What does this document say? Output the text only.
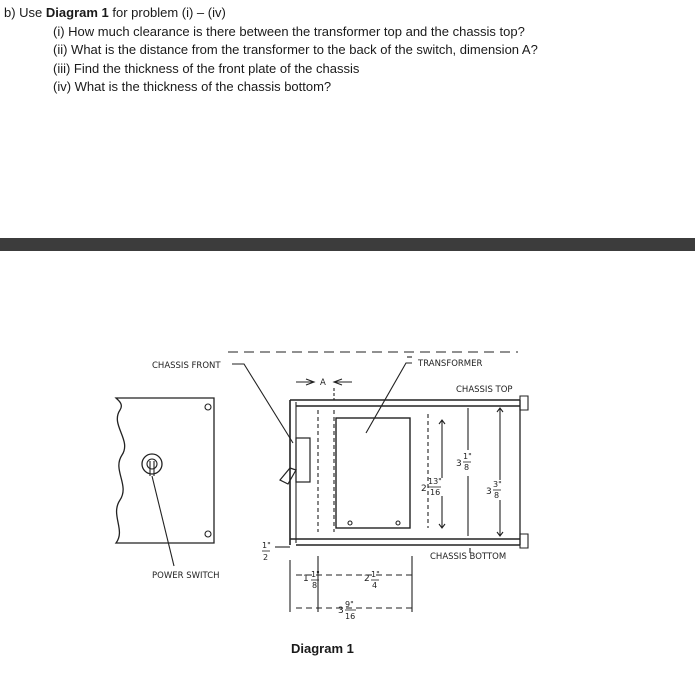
b) Use Diagram 1 for problem (i) – (iv)

(i) How much clearance is there between the transformer top and the chassis top?

(ii) What is the distance from the transformer to the back of the switch, dimension A?

(iii) Find the thickness of the front plate of the chassis

(iv) What is the thickness of the chassis bottom?

CHASSIS FRONT	TRANSFORMER
CHASSIS TOP
CHASSIS BOTTOM
POWER SWITCH
A
1"
2
1 1"
8
2 1"
4
3
9"
16
2
13"
16
3
1"
8
3
3"
8
Diagram 1
